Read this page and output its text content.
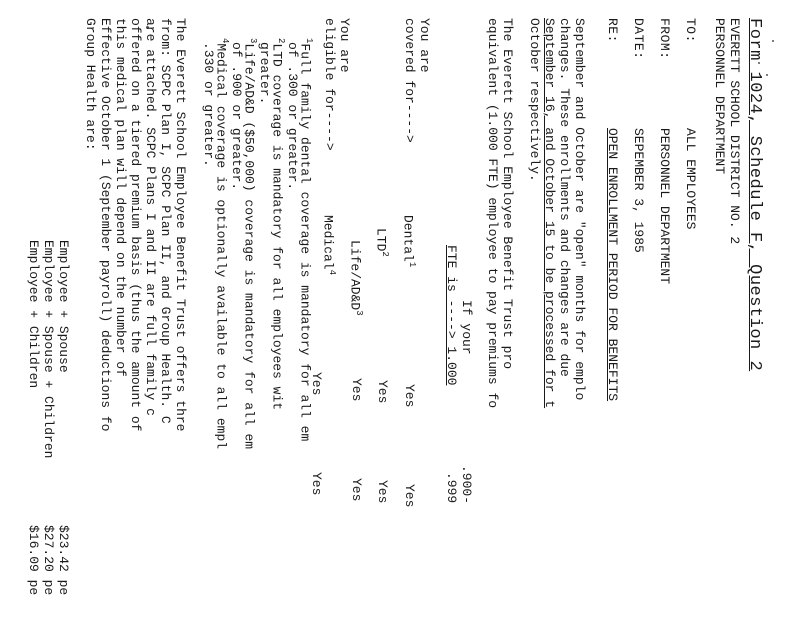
Form 1024, Schedule F, Question 2
EVERETT SCHOOL DISTRICT NO. 2
PERSONNEL DEPARTMENT
TO:
ALL EMPLOYEES
FROM:
PERSONNEL DEPARTMENT
DATE:
SEPEMBER 3, 1985
RE:
OPEN ENROLLMENT PERIOD FOR BENEFITS
September and October are "open" months for emplo
changes. These enrollments and changes are due
September 16, and October 15 to be processed for t
October respectively.
The Everett School Employee Benefit Trust pro
equivalent (1.000 FTE) employee to pay premiums fo
If your
FTE is ----> 1.000
.900-
.999
You are
covered for---->
Dental$^1$
Yes
Yes
LTD$^2$
Yes
Yes
Life/$AD\&D^3$
Yes
Yes
You are
eligible for---->
Medical$^4$
Yes
Yes
$^1$Full family dental coverage is mandatory for all em
of .300 or greater.
$^2$LTD coverage is mandatory for all employees wit
greater.
$^3$Life/AD&D ($50,000) coverage is mandatory for all em
of .900 or greater.
$^4$Medical coverage is optionally available to all empl
.330 or greater.
The Everett School Employee Benefit Trust offers thre
from: SCPC Plan I, SCPC Plan II, and Group Health. C
are attached. SCPC Plans I and II are full family c
offered on a tiered premium basis (thus the amount of
this medical plan will depend on the number of
Effective October 1 (September payroll) deductions fo
Group Health are:
Employee + Spouse
$23.42 pe
Employee + Spouse + Children
$27.20 pe
Employee + Children
$16.09 pe
